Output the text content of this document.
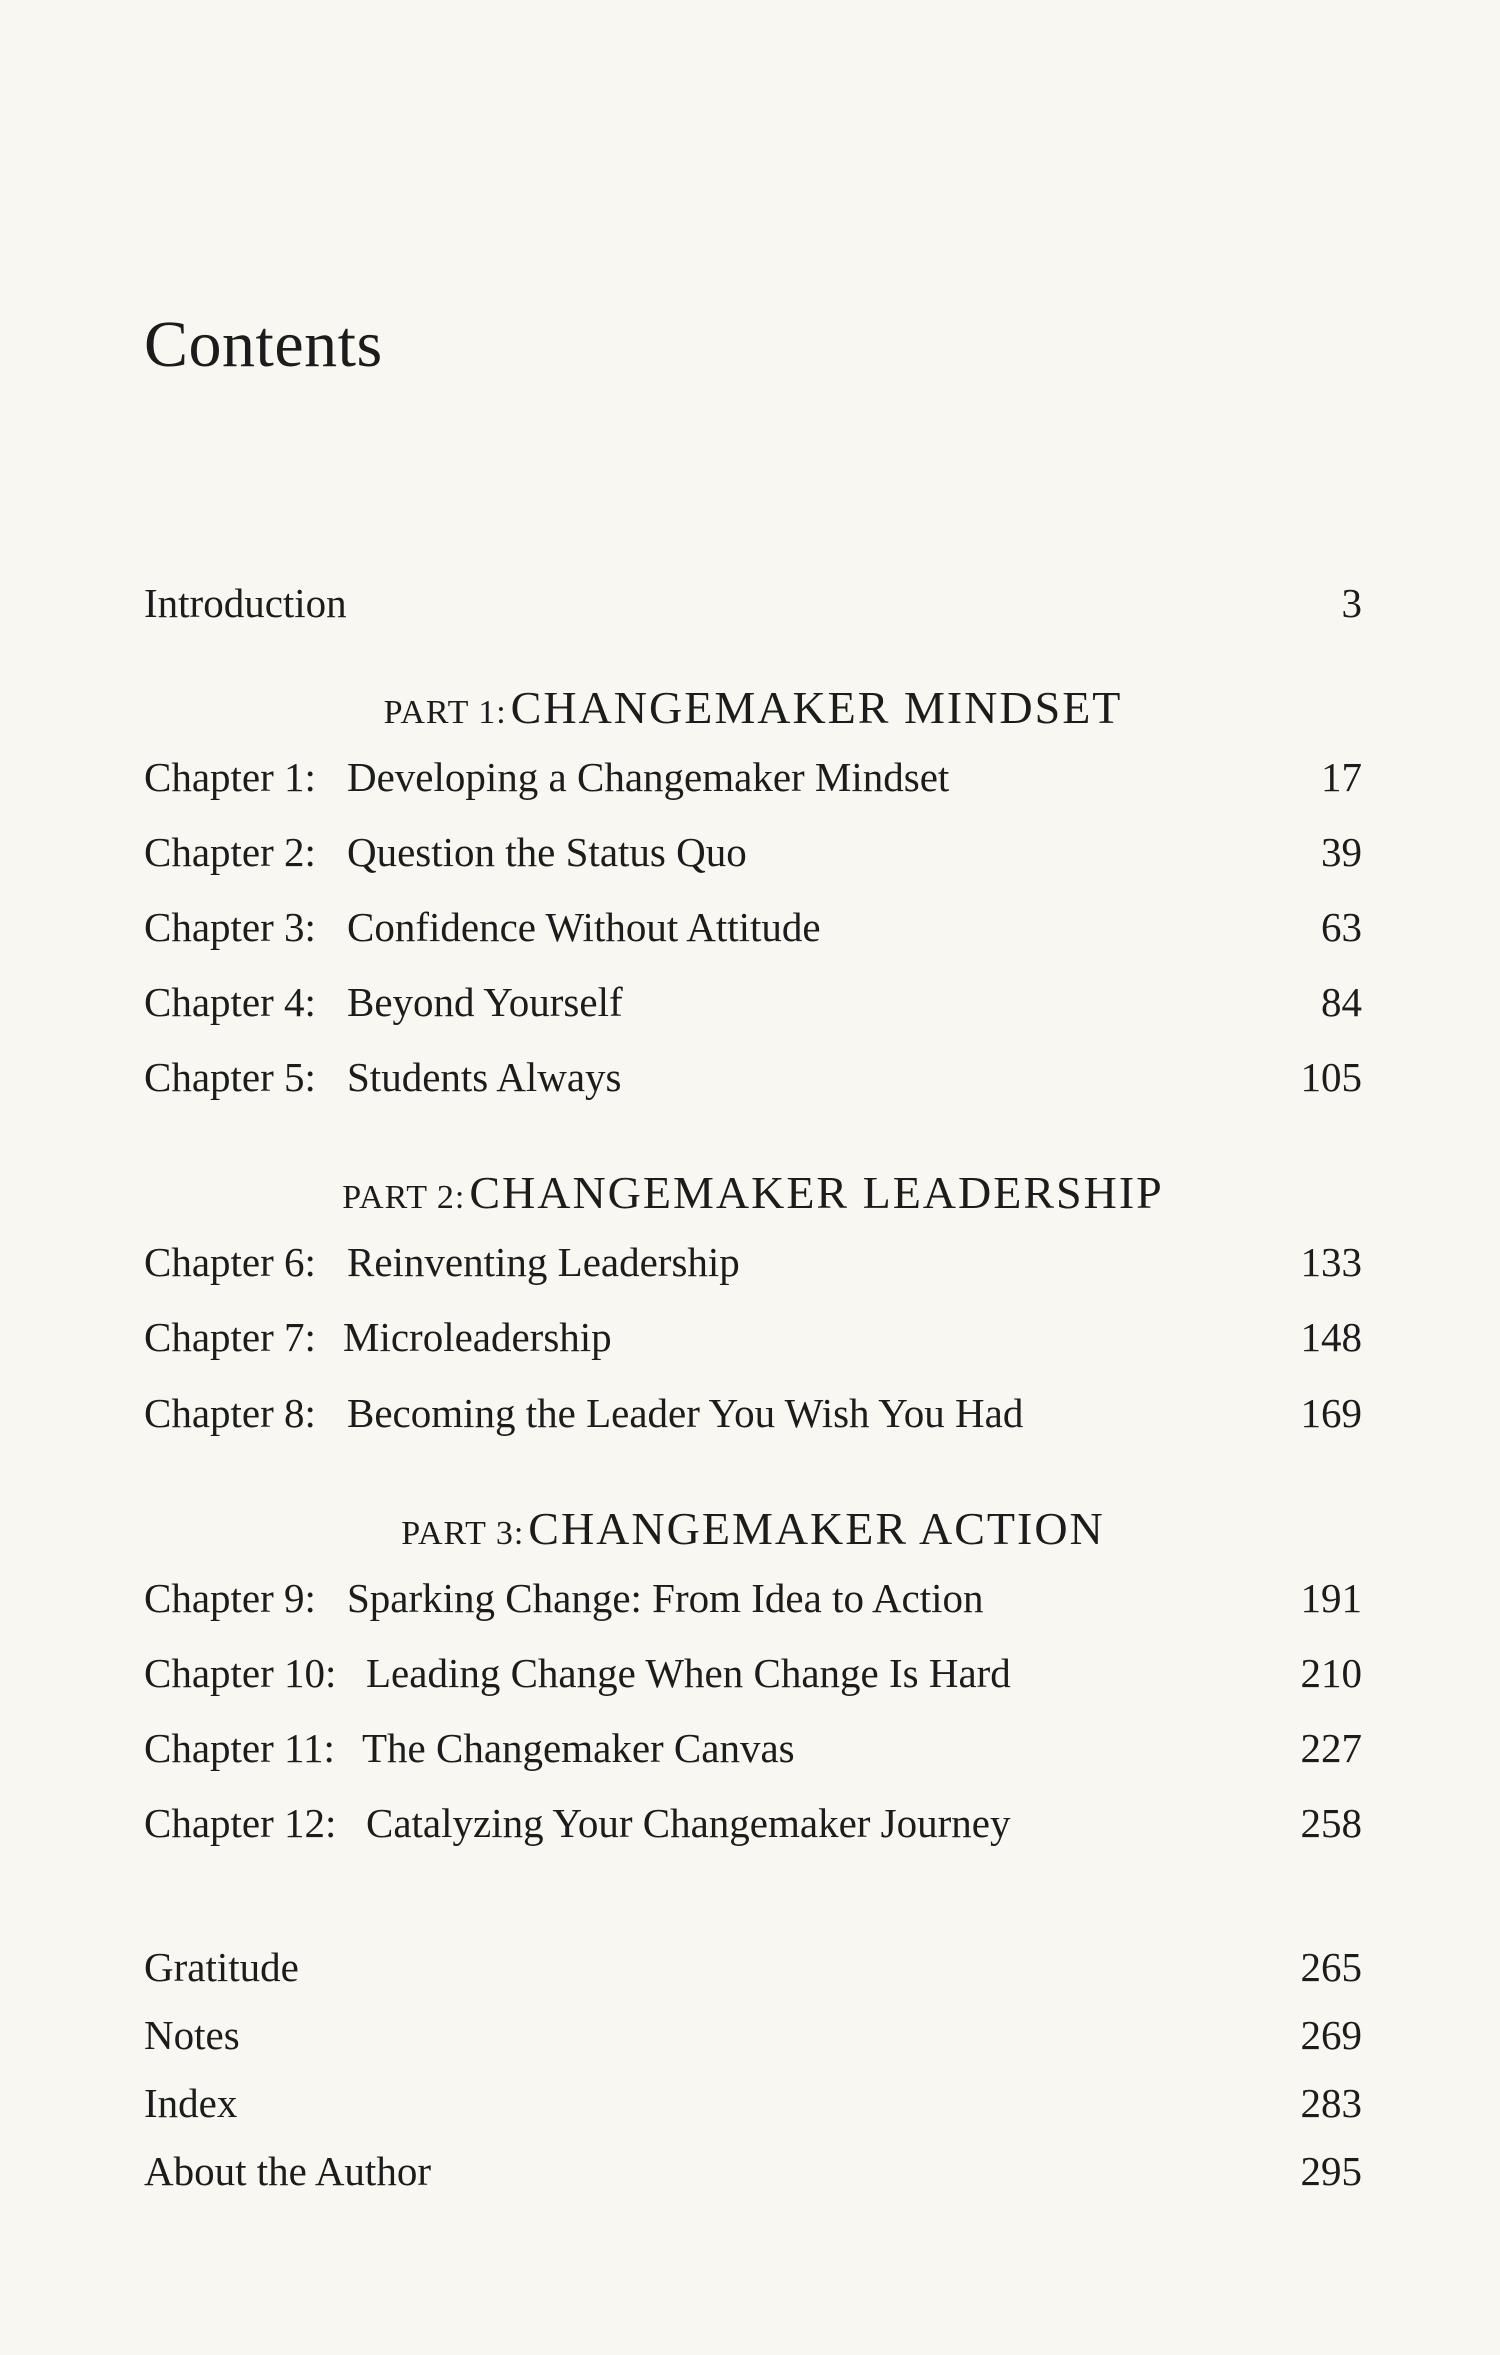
Contents
Introduction	3
PART 1: CHANGEMAKER MINDSET
Chapter 1: Developing a Changemaker Mindset	17
Chapter 2: Question the Status Quo	39
Chapter 3: Confidence Without Attitude	63
Chapter 4: Beyond Yourself	84
Chapter 5: Students Always	105
PART 2: CHANGEMAKER LEADERSHIP
Chapter 6: Reinventing Leadership	133
Chapter 7: Microleadership	148
Chapter 8: Becoming the Leader You Wish You Had	169
PART 3: CHANGEMAKER ACTION
Chapter 9: Sparking Change: From Idea to Action	191
Chapter 10: Leading Change When Change Is Hard	210
Chapter 11: The Changemaker Canvas	227
Chapter 12: Catalyzing Your Changemaker Journey	258
Gratitude	265
Notes	269
Index	283
About the Author	295
